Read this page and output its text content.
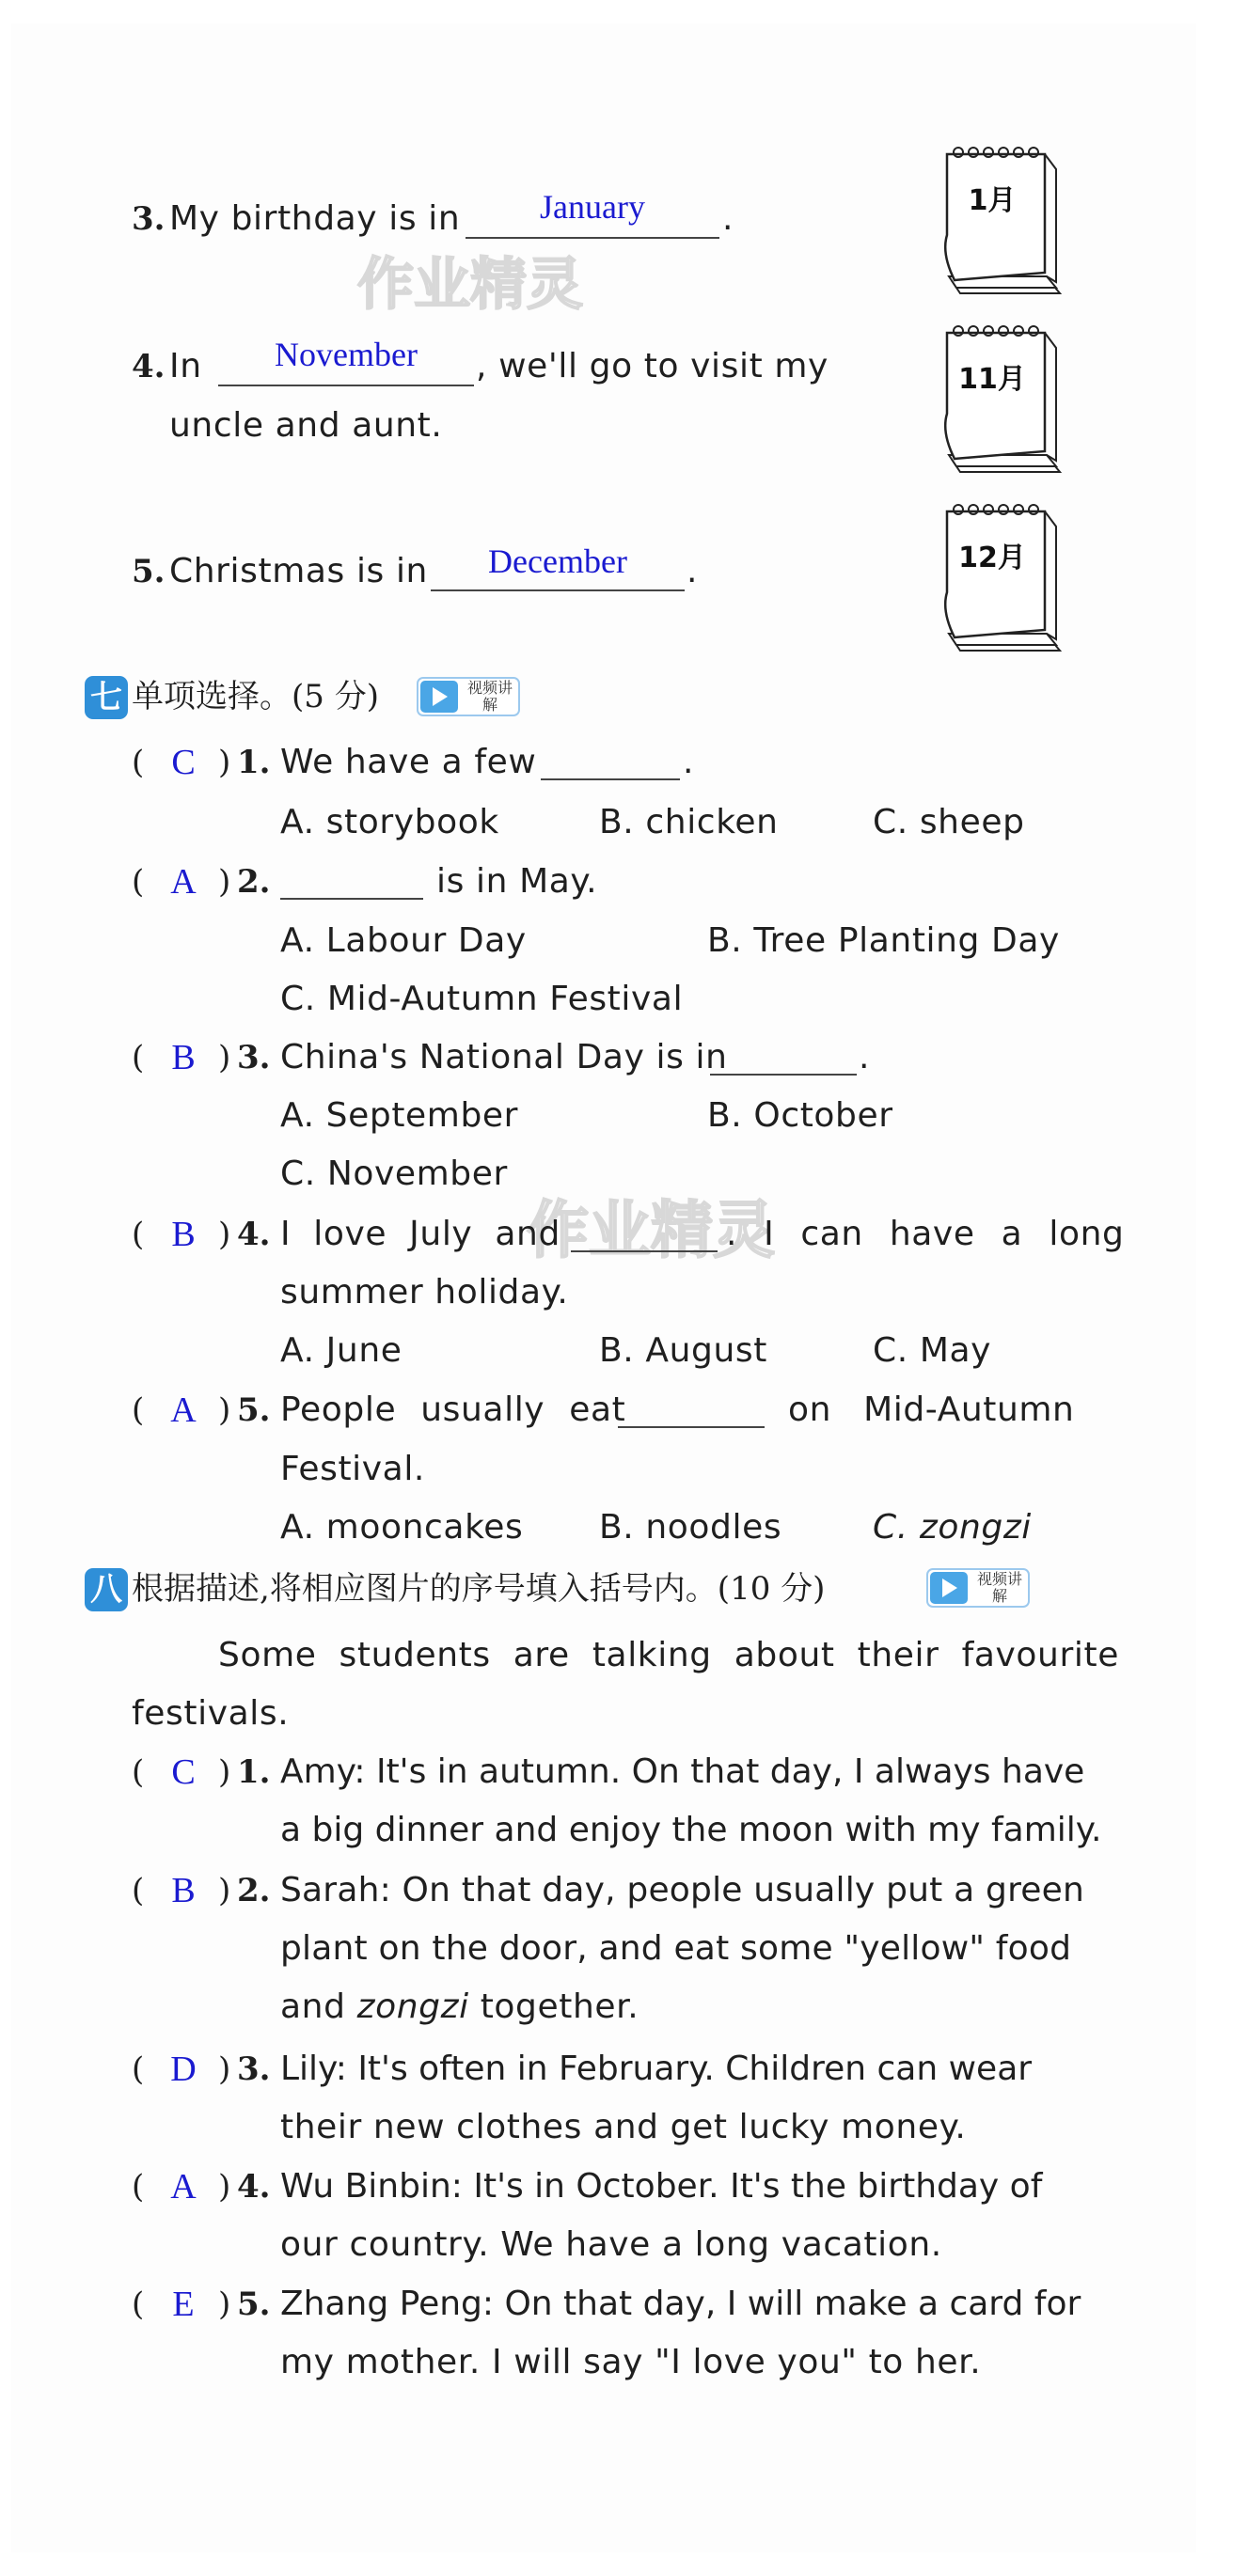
作业精灵
作业精灵
3. My birthday is in	January	.
4. In	November	, we'll go to visit my
uncle and aunt.
5. Christmas is in	December	.
1月
11月
12月
七 单项选择。(5 分)	视频讲解
( C ) 1. We have a few	.
A. storybook	B. chicken	C. sheep
( A ) 2.	is in May.
A. Labour Day	B. Tree Planting Day
C. Mid-Autumn Festival
( B ) 3. China's National Day is in	.
A. September	B. October
C. November
( B ) 4. I love July and	. I can have a long
summer holiday.
A. June	B. August	C. May
( A ) 5. People usually eat	on Mid-Autumn
Festival.
A. mooncakes B. noodles	C. zongzi
八 根据描述,将相应图片的序号填入括号内。(10 分)	视频讲解
Some students are talking about their favourite
festivals.
( C ) 1. Amy: It's in autumn. On that day, I always have
a big dinner and enjoy the moon with my family.
( B ) 2. Sarah: On that day, people usually put a green
plant on the door, and eat some "yellow" food
and zongzi together.
( D ) 3. Lily: It's often in February. Children can wear
their new clothes and get lucky money.
( A ) 4. Wu Binbin: It's in October. It's the birthday of
our country. We have a long vacation.
( E ) 5. Zhang Peng: On that day, I will make a card for
my mother. I will say "I love you" to her.
